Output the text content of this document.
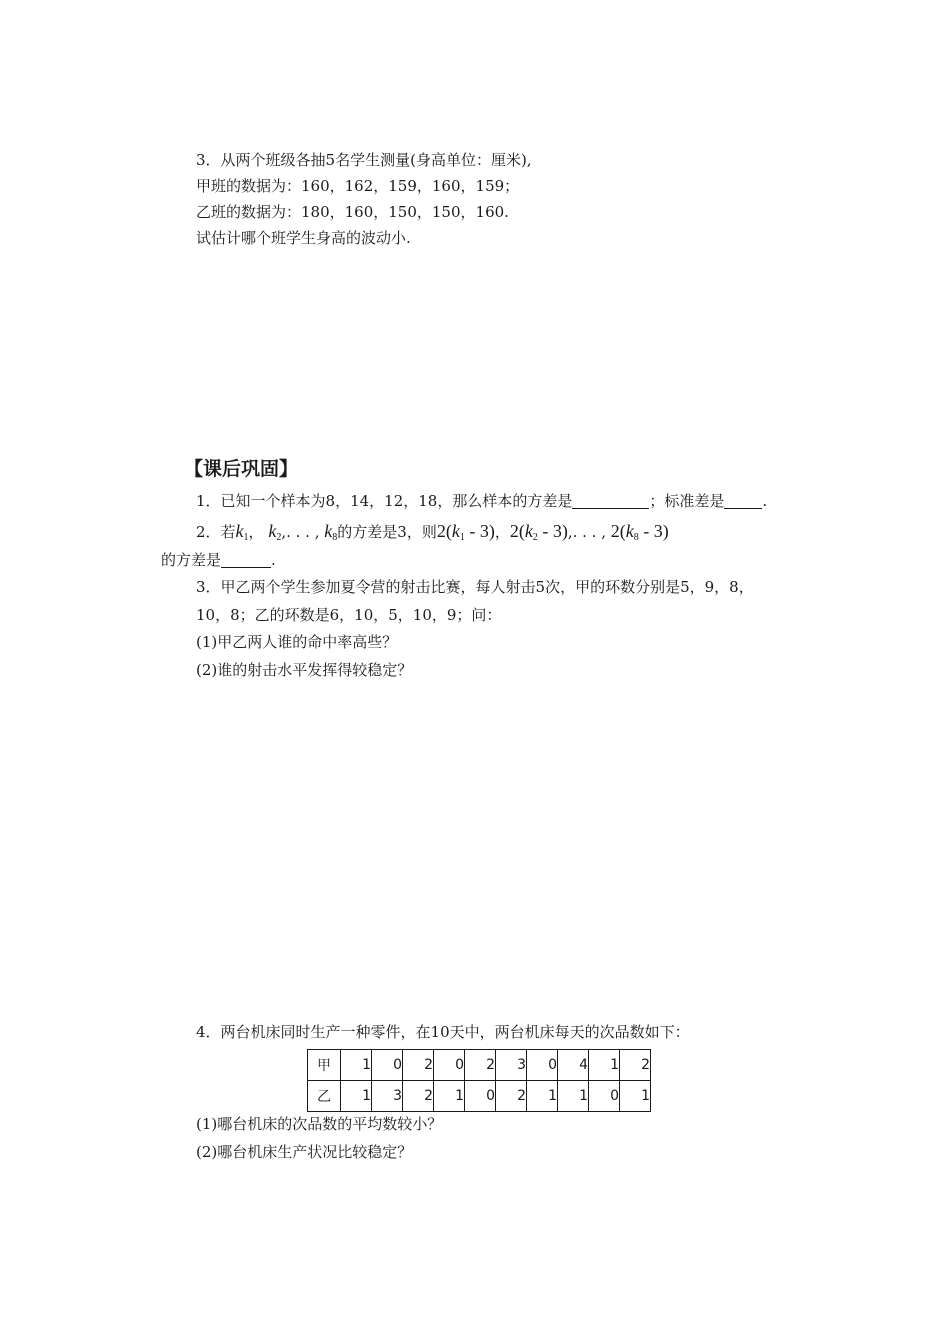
3．从两个班级各抽5名学生测量(身高单位：厘米),
甲班的数据为：160，162，159，160，159；
乙班的数据为：180，160，150，150，160.
试估计哪个班学生身高的波动小.
【课后巩固】
1．已知一个样本为8，14，12，18，那么样本的方差是	；标准差是	.
2．若$k_1$， $k_2$,. . . , $k_8$的方差是3，则$2(k_1 - 3)$，$2(k_2 - 3)$,. . . , $2(k_8 - 3)$
的方差是	.
3．甲乙两个学生参加夏令营的射击比赛，每人射击5次，甲的环数分别是5，9，8，
10，8；乙的环数是6，10，5，10，9；问：
(1)甲乙两人谁的命中率高些？
(2)谁的射击水平发挥得较稳定？
4．两台机床同时生产一种零件，在10天中，两台机床每天的次品数如下：
甲	1	0	2	0	2	3	0	4	1	2
乙	1	3	2	1	0	2	1	1	0	1
(1)哪台机床的次品数的平均数较小？
(2)哪台机床生产状况比较稳定？
